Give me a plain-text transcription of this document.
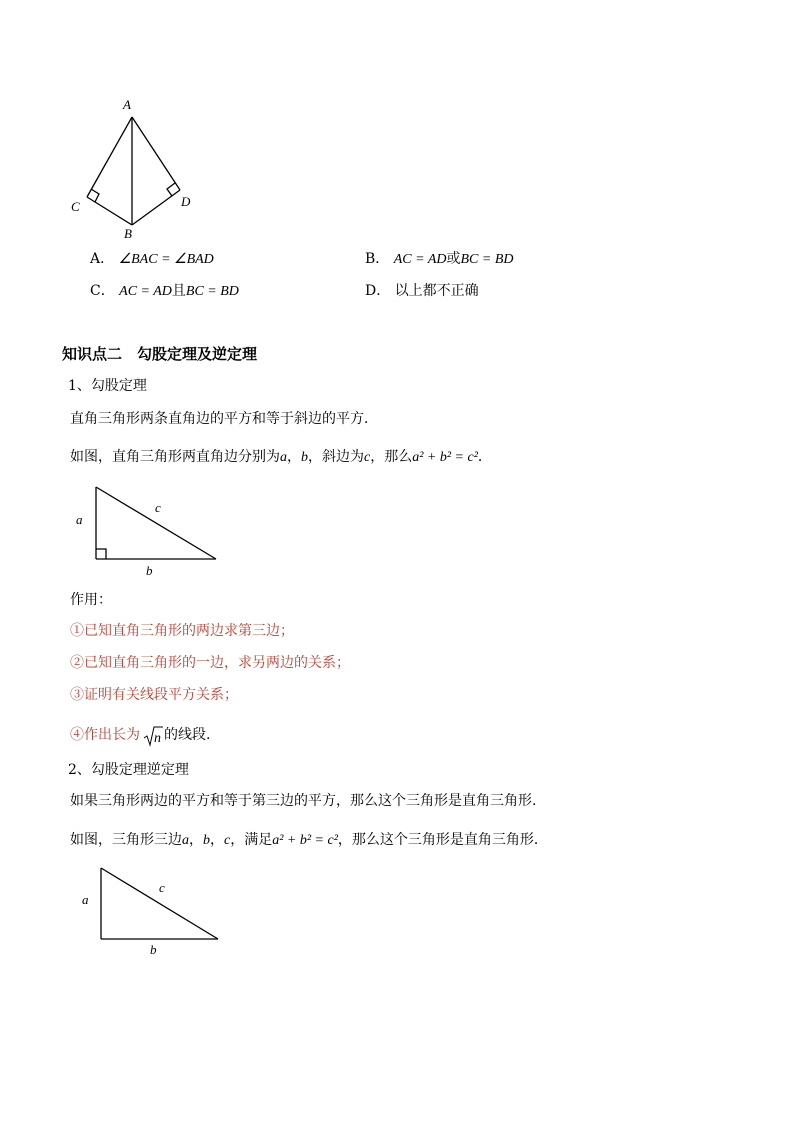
A
B
C	D
A． ∠BAC = ∠BAD	B． AC = AD或BC = BD
C． AC = AD且BC = BD	D． 以上都不正确
知识点二　勾股定理及逆定理
1、勾股定理
直角三角形两条直角边的平方和等于斜边的平方．
如图，直角三角形两直角边分别为a，b，斜边为c，那么a² + b² = c²．
a
c
b
作用：
①已知直角三角形的两边求第三边；
②已知直角三角形的一边，求另两边的关系；
③证明有关线段平方关系；
④作出长为 n 的线段.
2、勾股定理逆定理
如果三角形两边的平方和等于第三边的平方，那么这个三角形是直角三角形.
如图，三角形三边a，b，c，满足a² + b² = c²，那么这个三角形是直角三角形．
a
c
b
